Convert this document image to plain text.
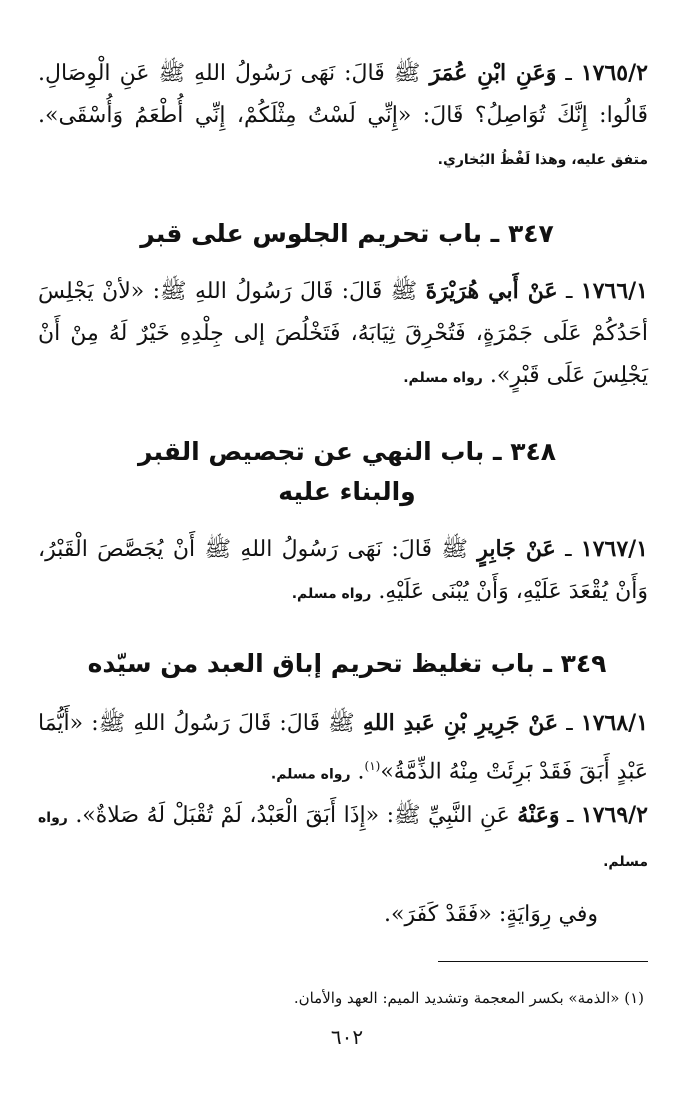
١٧٦٥/٢ ـ وَعَنِ ابْنِ عُمَرَ ﷺ قَالَ: نَهَى رَسُولُ اللهِ ﷺ عَنِ الْوِصَالِ. قَالُوا: إِنَّكَ تُوَاصِلُ؟ قَالَ: «إِنِّي لَسْتُ مِثْلَكُمْ، إِنِّي أُطْعَمُ وَأُسْقَى». متفق عليه، وهذا لَفْظُ البُخاري.

٣٤٧ ـ باب تحريم الجلوس على قبر

١٧٦٦/١ ـ عَنْ أَبي هُرَيْرَةَ ﷺ قَالَ: قَالَ رَسُولُ اللهِ ﷺ: «لأنْ يَجْلِسَ أحَدُكُمْ عَلَى جَمْرَةٍ، فَتُحْرِقَ ثِيَابَهُ، فَتَخْلُصَ إلى جِلْدِهِ خَيْرٌ لَهُ مِنْ أَنْ يَجْلِسَ عَلَى قَبْرٍ». رواه مسلم.

٣٤٨ ـ باب النهي عن تجصيص القبر
والبناء عليه

١٧٦٧/١ ـ عَنْ جَابِرٍ ﷺ قَالَ: نَهَى رَسُولُ اللهِ ﷺ أَنْ يُجَصَّصَ الْقَبْرُ، وَأَنْ يُقْعَدَ عَلَيْهِ، وَأَنْ يُبْنَى عَلَيْهِ. رواه مسلم.

٣٤٩ ـ باب تغليظ تحريم إباق العبد من سيّده

١٧٦٨/١ ـ عَنْ جَرِيرِ بْنِ عَبدِ اللهِ ﷺ قَالَ: قَالَ رَسُولُ اللهِ ﷺ: «أَيُّمَا عَبْدٍ أَبَقَ فَقَدْ بَرِئَتْ مِنْهُ الذِّمَّةُ»$^{(١)}$. رواه مسلم.

١٧٦٩/٢ ـ وَعَنْهُ عَنِ النَّبِيِّ ﷺ: «إِذَا أَبَقَ الْعَبْدُ، لَمْ تُقْبَلْ لَهُ صَلاةٌ». رواه مسلم.

وفي رِوَايَةٍ: «فَقَدْ كَفَرَ».

(١) «الذمة» بكسر المعجمة وتشديد الميم: العهد والأمان.

٦٠٢
